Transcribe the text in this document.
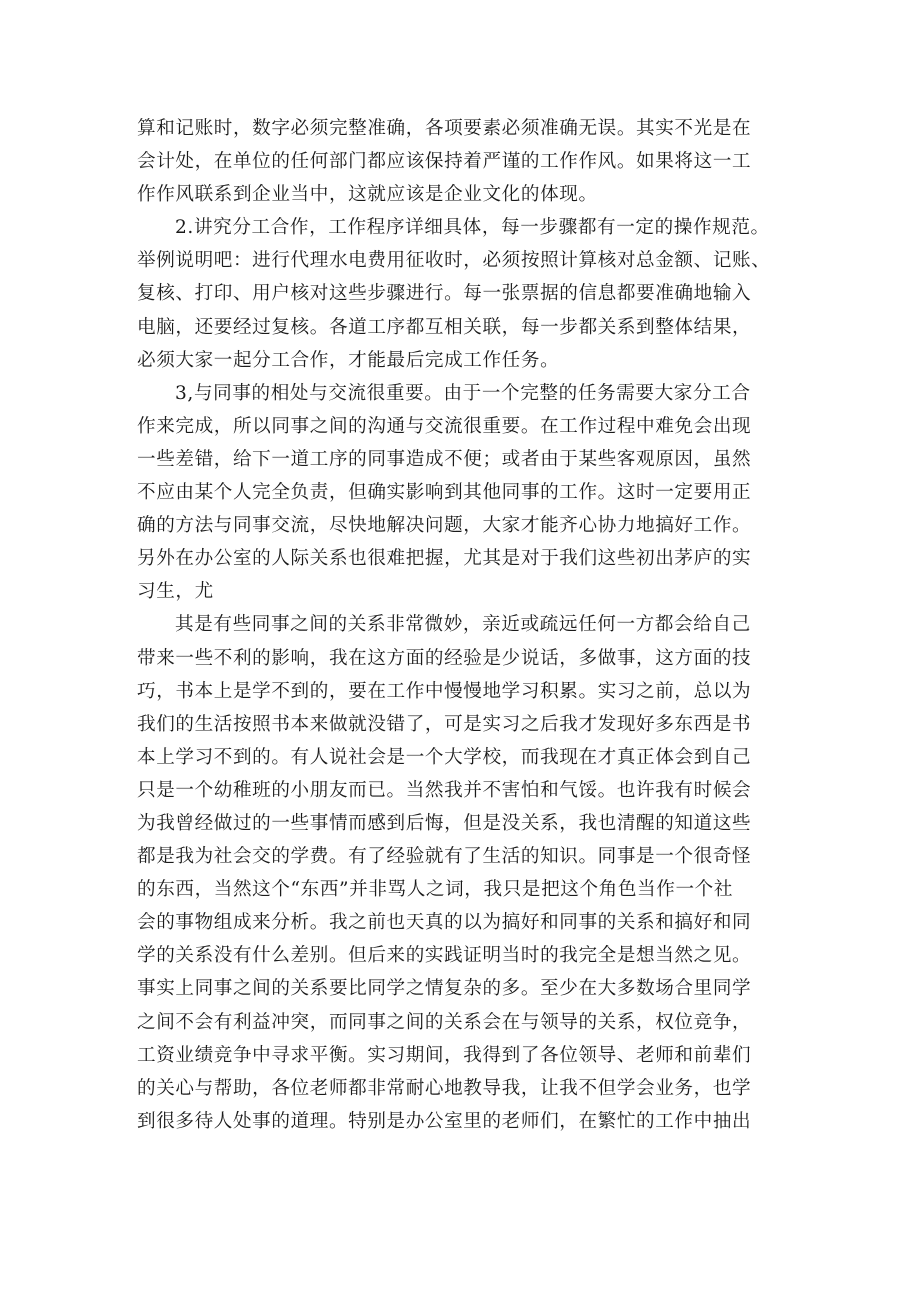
算和记账时，数字必须完整准确，各项要素必须准确无误。其实不光是在
会计处，在单位的任何部门都应该保持着严谨的工作作风。如果将这一工
作作风联系到企业当中，这就应该是企业文化的体现。

2.讲究分工合作，工作程序详细具体，每一步骤都有一定的操作规范。
举例说明吧：进行代理水电费用征收时，必须按照计算核对总金额、记账、
复核、打印、用户核对这些步骤进行。每一张票据的信息都要准确地输入
电脑，还要经过复核。各道工序都互相关联，每一步都关系到整体结果，
必须大家一起分工合作，才能最后完成工作任务。

3,与同事的相处与交流很重要。由于一个完整的任务需要大家分工合
作来完成，所以同事之间的沟通与交流很重要。在工作过程中难免会出现
一些差错，给下一道工序的同事造成不便；或者由于某些客观原因，虽然
不应由某个人完全负责，但确实影响到其他同事的工作。这时一定要用正
确的方法与同事交流，尽快地解决问题，大家才能齐心协力地搞好工作。
另外在办公室的人际关系也很难把握，尤其是对于我们这些初出茅庐的实
习生，尤

其是有些同事之间的关系非常微妙，亲近或疏远任何一方都会给自己
带来一些不利的影响，我在这方面的经验是少说话，多做事，这方面的技
巧，书本上是学不到的，要在工作中慢慢地学习积累。实习之前，总以为
我们的生活按照书本来做就没错了，可是实习之后我才发现好多东西是书
本上学习不到的。有人说社会是一个大学校，而我现在才真正体会到自己
只是一个幼稚班的小朋友而已。当然我并不害怕和气馁。也许我有时候会
为我曾经做过的一些事情而感到后悔，但是没关系，我也清醒的知道这些
都是我为社会交的学费。有了经验就有了生活的知识。同事是一个很奇怪
的东西，当然这个“东西”并非骂人之词，我只是把这个角色当作一个社
会的事物组成来分析。我之前也天真的以为搞好和同事的关系和搞好和同
学的关系没有什么差别。但后来的实践证明当时的我完全是想当然之见。
事实上同事之间的关系要比同学之情复杂的多。至少在大多数场合里同学
之间不会有利益冲突，而同事之间的关系会在与领导的关系，权位竞争，
工资业绩竞争中寻求平衡。实习期间，我得到了各位领导、老师和前辈们
的关心与帮助，各位老师都非常耐心地教导我，让我不但学会业务，也学
到很多待人处事的道理。特别是办公室里的老师们，在繁忙的工作中抽出
